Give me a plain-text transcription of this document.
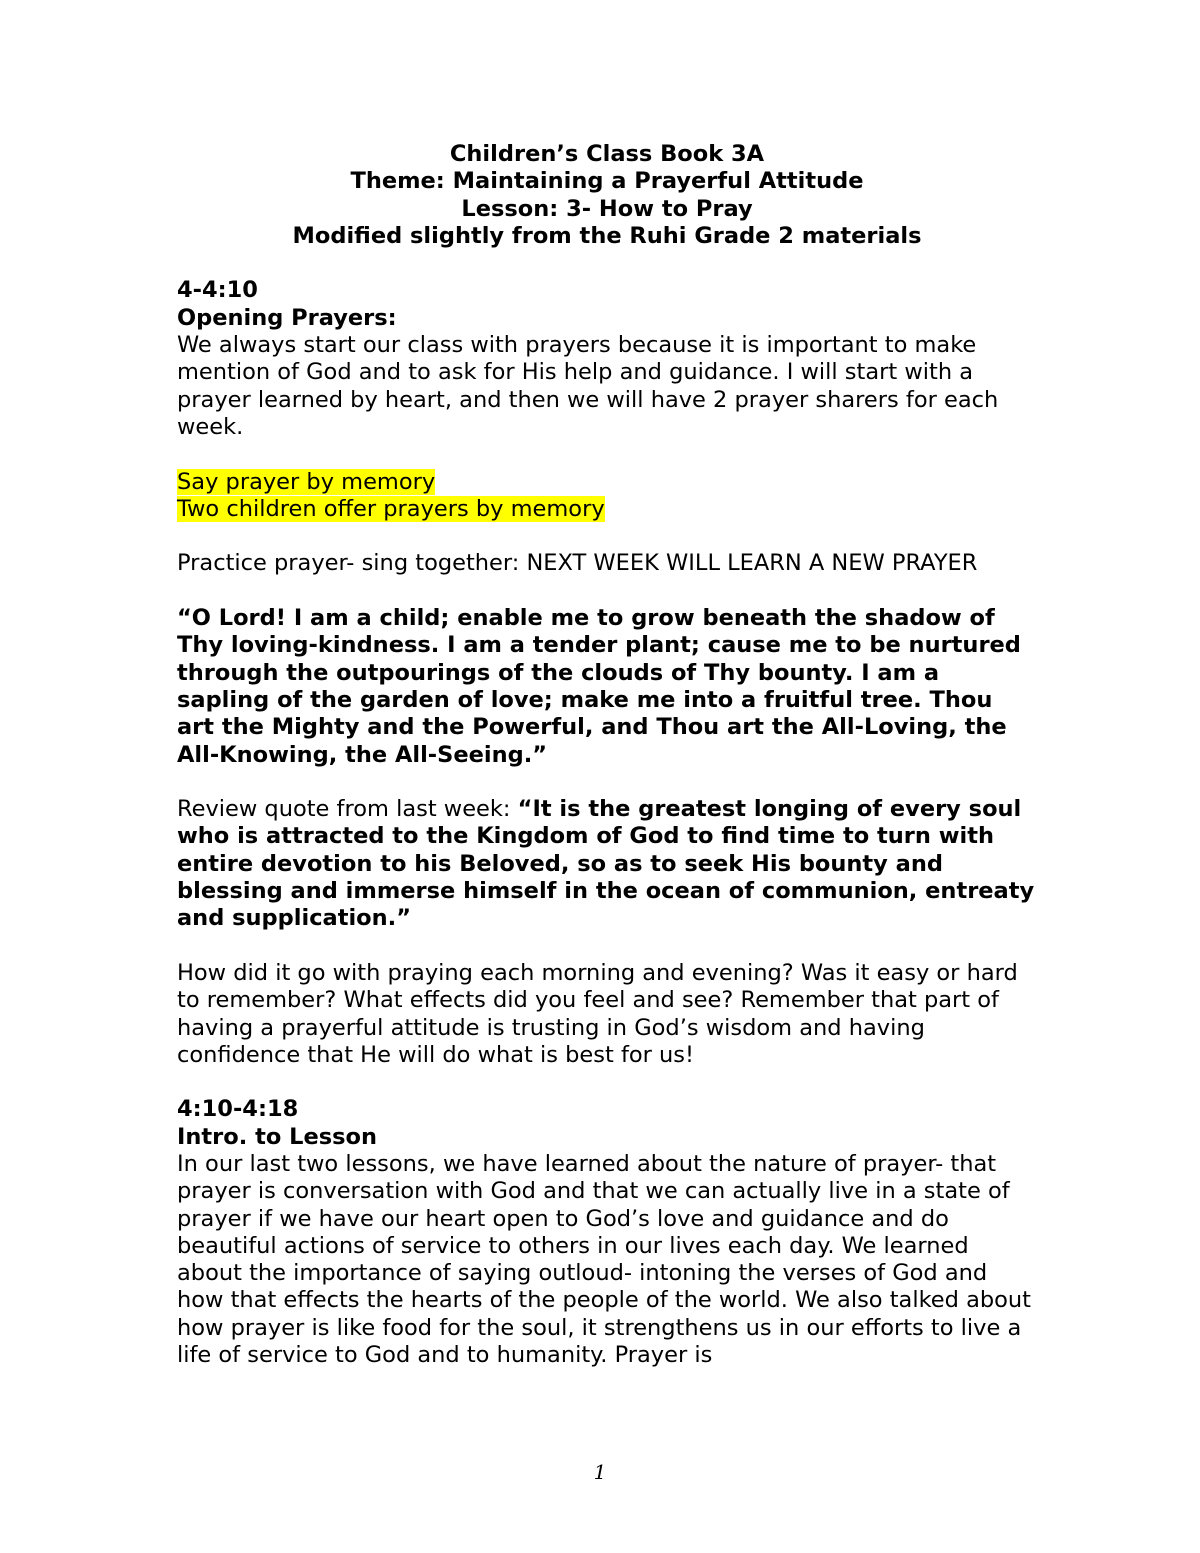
Children’s Class Book 3A
Theme: Maintaining a Prayerful Attitude
Lesson: 3- How to Pray
Modified slightly from the Ruhi Grade 2 materials

4-4:10

Opening Prayers:

We always start our class with prayers because it is important to make mention of God and to ask for His help and guidance. I will start with a prayer learned by heart, and then we will have 2 prayer sharers for each week.

Say prayer by memory

Two children offer prayers by memory

Practice prayer- sing together: NEXT WEEK WILL LEARN A NEW PRAYER

“O Lord! I am a child; enable me to grow beneath the shadow of Thy loving-kindness. I am a tender plant; cause me to be nurtured through the outpourings of the clouds of Thy bounty. I am a sapling of the garden of love; make me into a fruitful tree. Thou art the Mighty and the Powerful, and Thou art the All-Loving, the All-Knowing, the All-Seeing.”

Review quote from last week: “It is the greatest longing of every soul who is attracted to the Kingdom of God to find time to turn with entire devotion to his Beloved, so as to seek His bounty and blessing and immerse himself in the ocean of communion, entreaty and supplication.”

How did it go with praying each morning and evening? Was it easy or hard to remember? What effects did you feel and see? Remember that part of having a prayerful attitude is trusting in God’s wisdom and having confidence that He will do what is best for us!

4:10-4:18

Intro. to Lesson

In our last two lessons, we have learned about the nature of prayer- that prayer is conversation with God and that we can actually live in a state of prayer if we have our heart open to God’s love and guidance and do beautiful actions of service to others in our lives each day. We learned about the importance of saying outloud- intoning the verses of God and how that effects the hearts of the people of the world. We also talked about how prayer is like food for the soul, it strengthens us in our efforts to live a life of service to God and to humanity. Prayer is

1
